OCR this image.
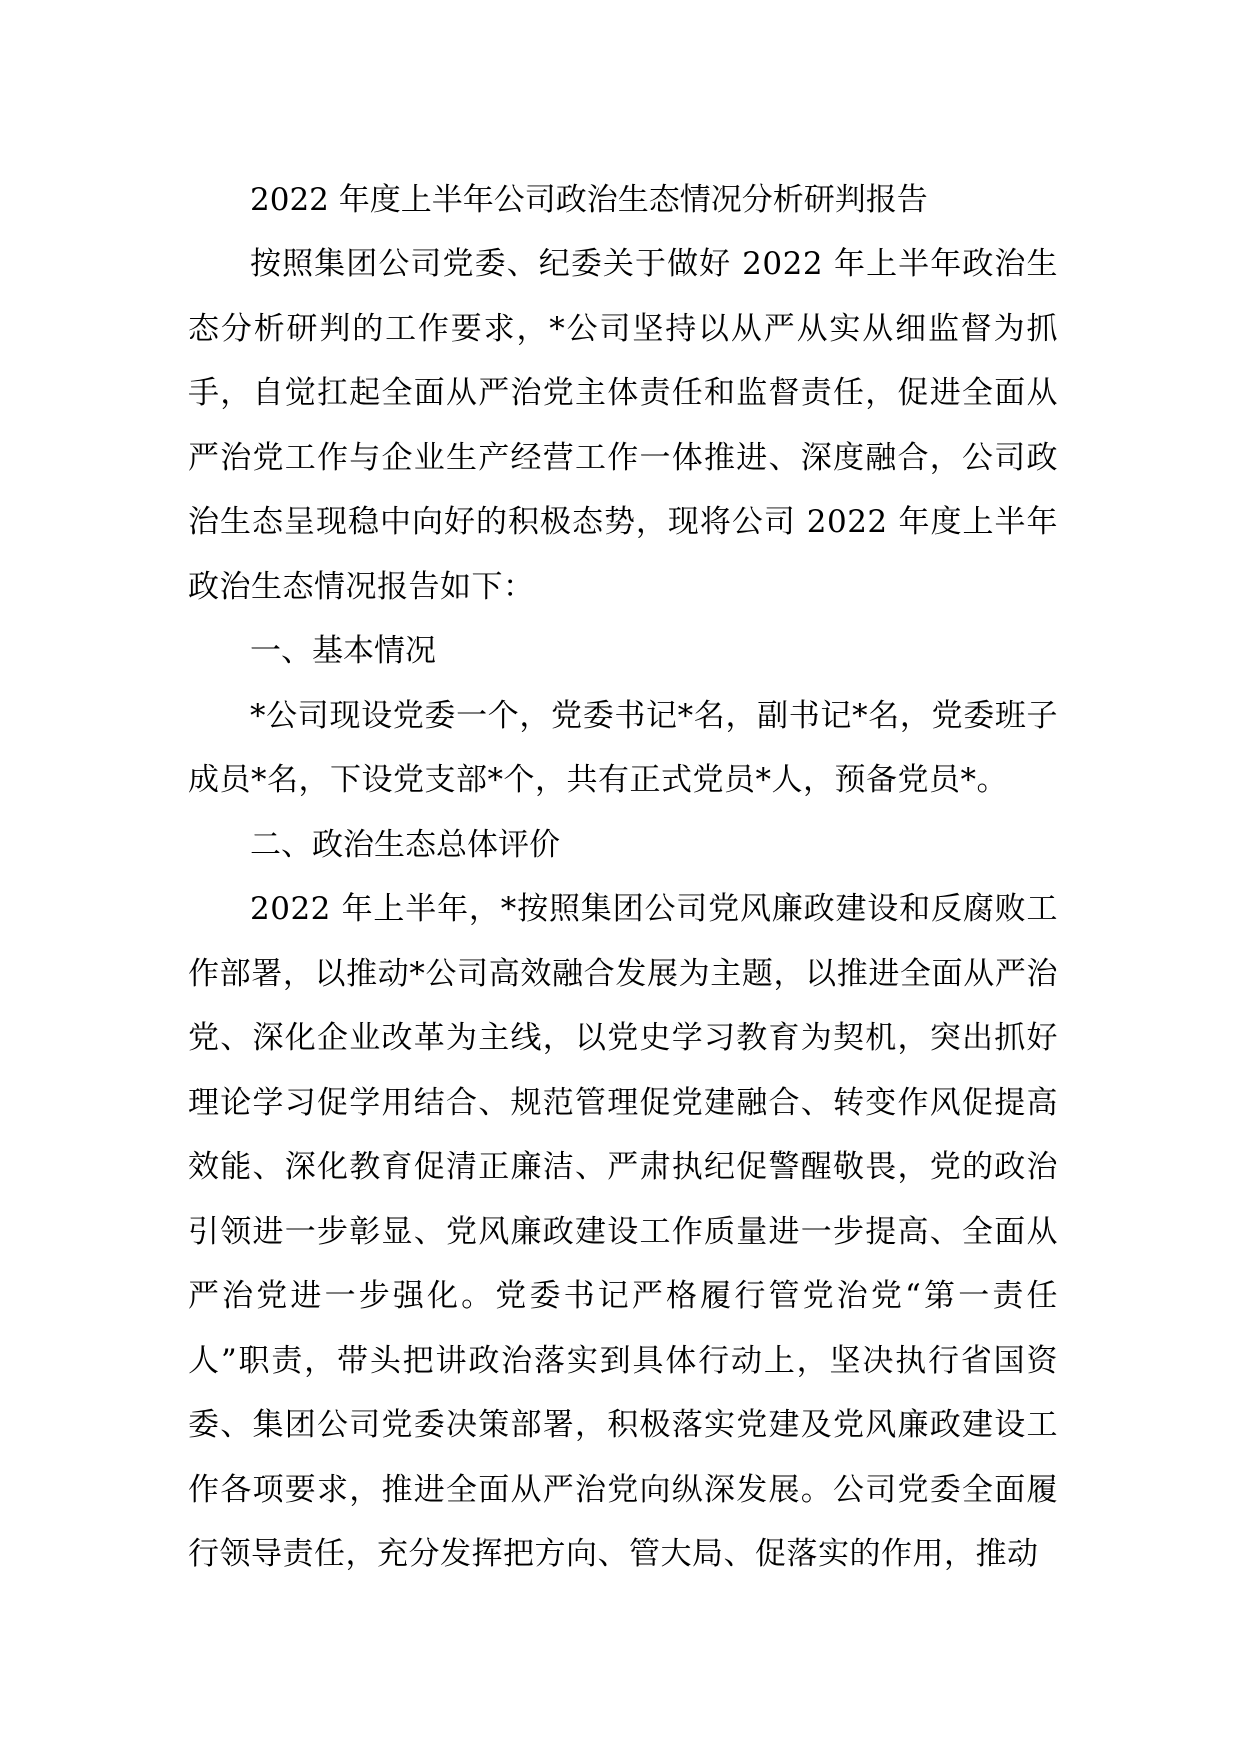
2022 年度上半年公司政治生态情况分析研判报告

按照集团公司党委、纪委关于做好 2022 年上半年政治生态分析研判的工作要求，*公司坚持以从严从实从细监督为抓手，自觉扛起全面从严治党主体责任和监督责任，促进全面从严治党工作与企业生产经营工作一体推进、深度融合，公司政治生态呈现稳中向好的积极态势，现将公司 2022 年度上半年政治生态情况报告如下：

一、基本情况

*公司现设党委一个，党委书记*名，副书记*名，党委班子成员*名，下设党支部*个，共有正式党员*人，预备党员*。

二、政治生态总体评价

2022 年上半年，*按照集团公司党风廉政建设和反腐败工作部署，以推动*公司高效融合发展为主题，以推进全面从严治党、深化企业改革为主线，以党史学习教育为契机，突出抓好理论学习促学用结合、规范管理促党建融合、转变作风促提高效能、深化教育促清正廉洁、严肃执纪促警醒敬畏，党的政治引领进一步彰显、党风廉政建设工作质量进一步提高、全面从严治党进一步强化。党委书记严格履行管党治党“第一责任人”职责，带头把讲政治落实到具体行动上，坚决执行省国资委、集团公司党委决策部署，积极落实党建及党风廉政建设工作各项要求，推进全面从严治党向纵深发展。公司党委全面履行领导责任，充分发挥把方向、管大局、促落实的作用，推动
